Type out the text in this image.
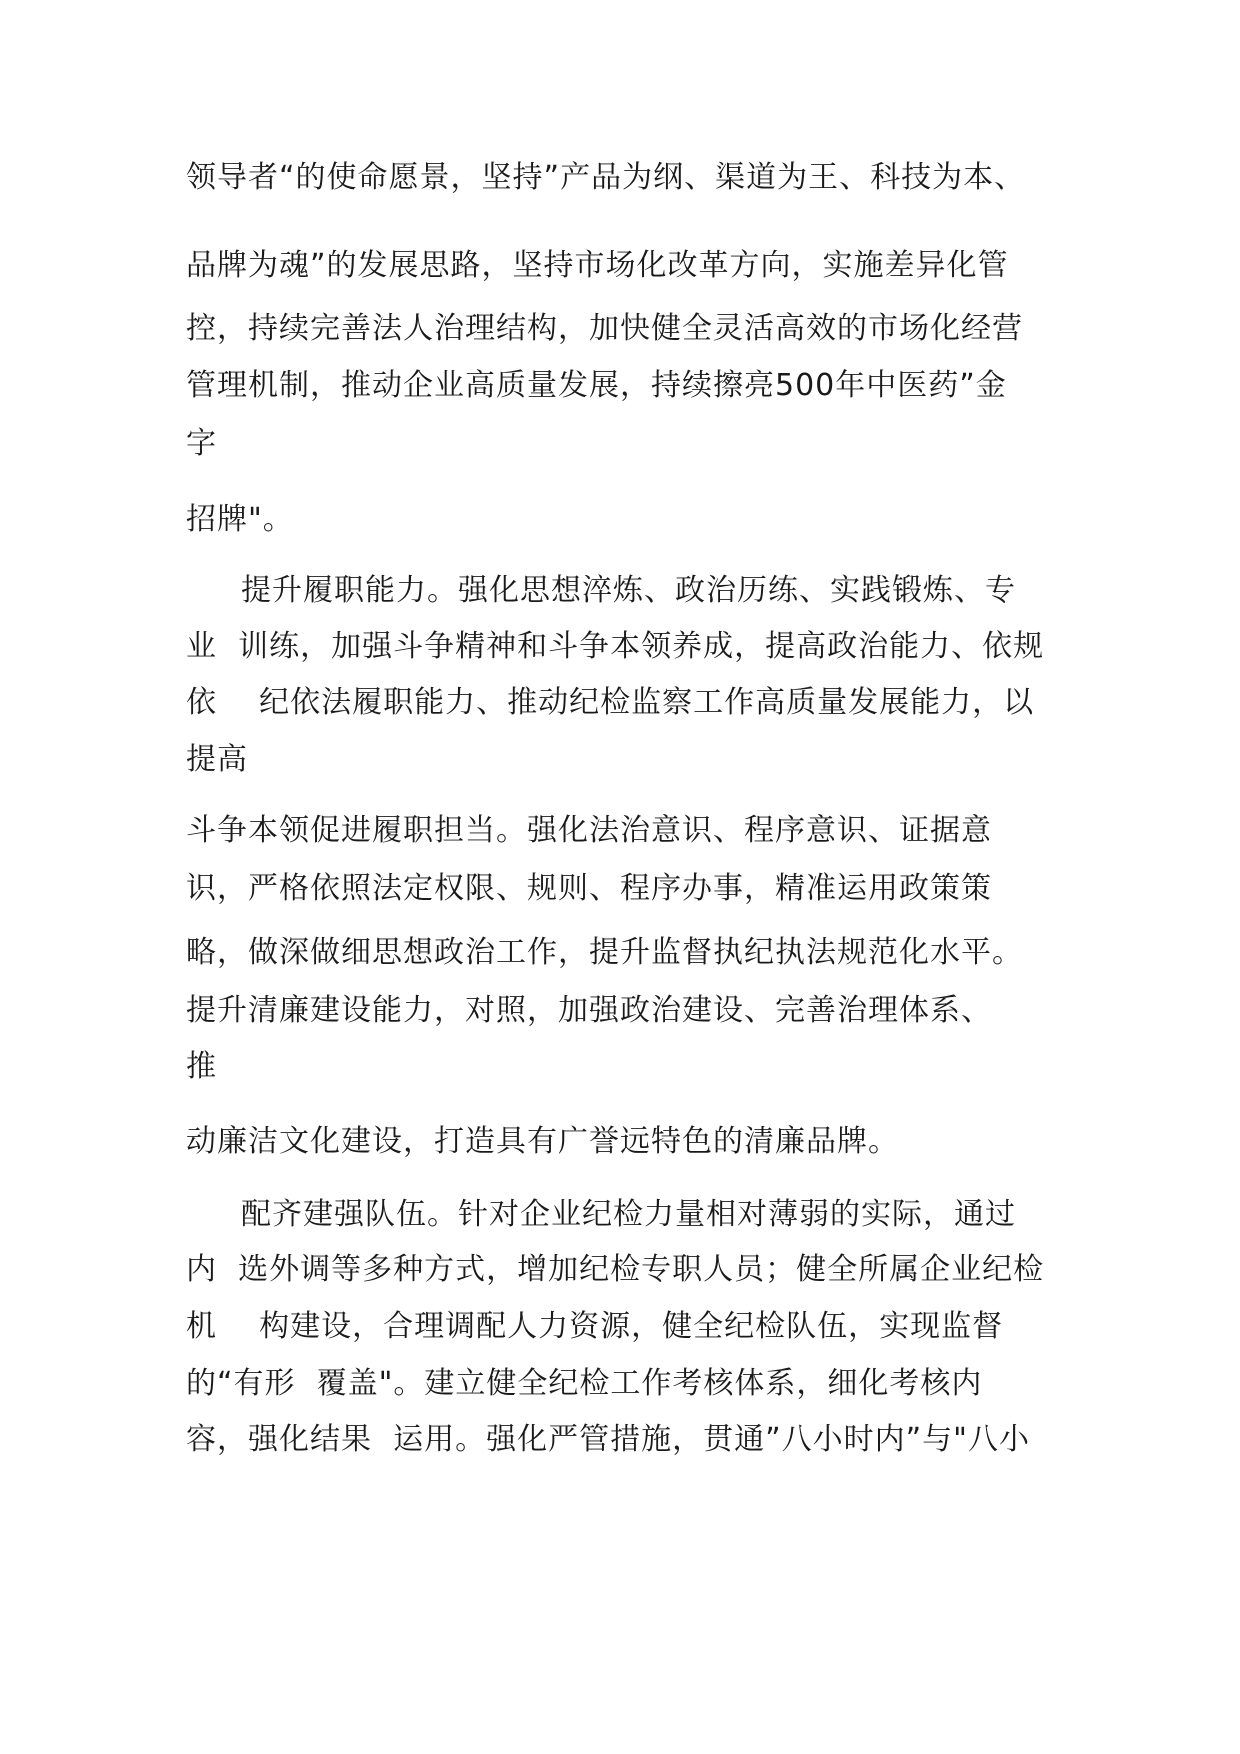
领导者“的使命愿景，坚持”产品为纲、渠道为王、科技为本、
品牌为魂”的发展思路，坚持市场化改革方向，实施差异化管
控，持续完善法人治理结构，加快健全灵活高效的市场化经营
管理机制，推动企业高质量发展，持续擦亮500年中医药”金
字
招牌"。
提升履职能力。强化思想淬炼、政治历练、实践锻炼、专
业  训练，加强斗争精神和斗争本领养成，提高政治能力、依规
依    纪依法履职能力、推动纪检监察工作高质量发展能力，以
提高
斗争本领促进履职担当。强化法治意识、程序意识、证据意
识，严格依照法定权限、规则、程序办事，精准运用政策策
略，做深做细思想政治工作，提升监督执纪执法规范化水平。
提升清廉建设能力，对照，加强政治建设、完善治理体系、
推
动廉洁文化建设，打造具有广誉远特色的清廉品牌。
配齐建强队伍。针对企业纪检力量相对薄弱的实际，通过
内  选外调等多种方式，增加纪检专职人员；健全所属企业纪检
机    构建设，合理调配人力资源，健全纪检队伍，实现监督
的“有形  覆盖"。建立健全纪检工作考核体系，细化考核内
容，强化结果  运用。强化严管措施，贯通”八小时内”与"八小
